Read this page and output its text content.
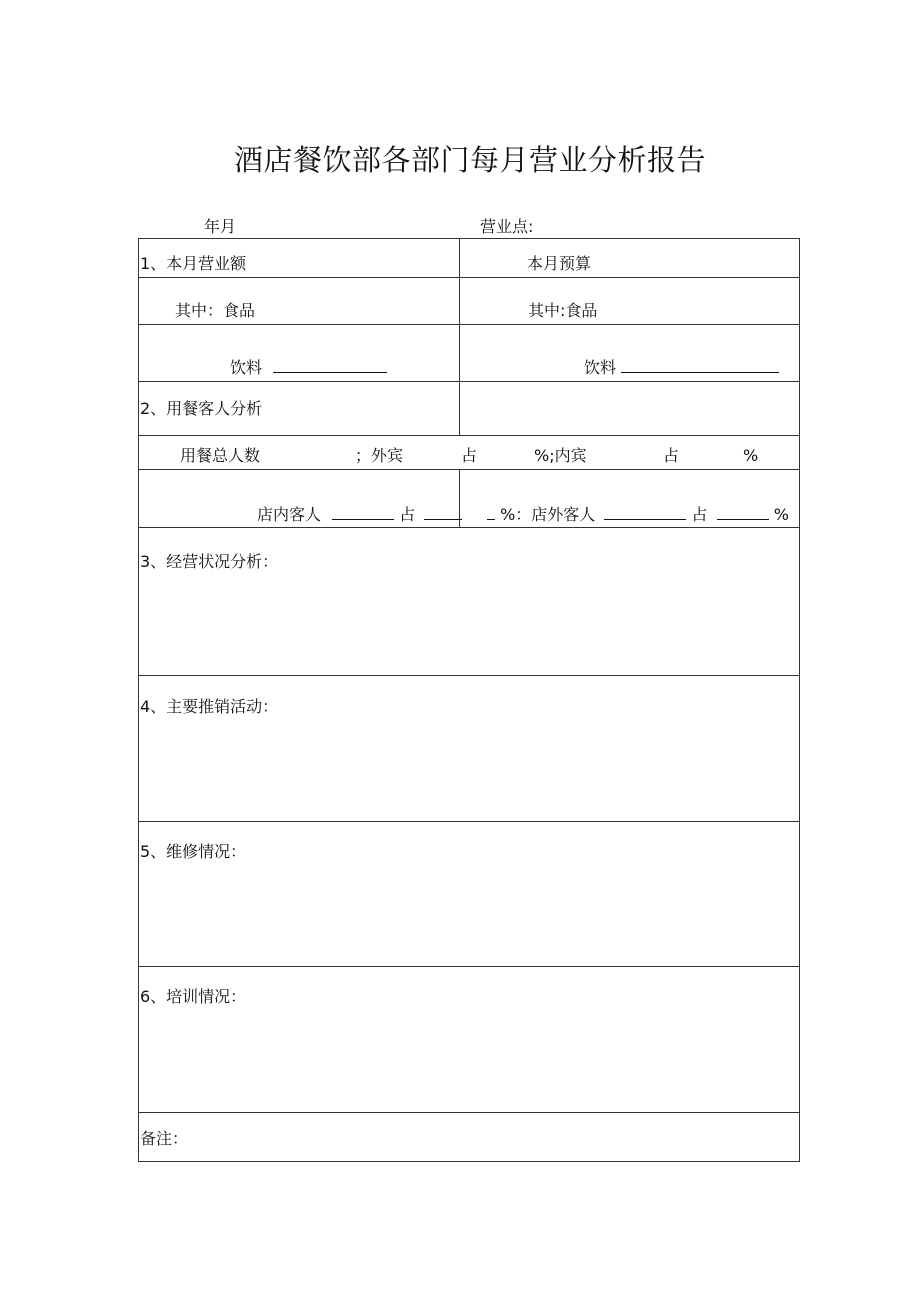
酒店餐饮部各部门每月营业分析报告
年月	营业点:
1、本月营业额	本月预算
其中：食品	其中:食品
饮料	饮料
2、用餐客人分析
用餐总人数	；外宾	占	%;内宾	占	%
店内客人	占	%：店外客人	占	%
3、经营状况分析：
4、主要推销活动：
5、维修情况：
6、培训情况：
备注：
